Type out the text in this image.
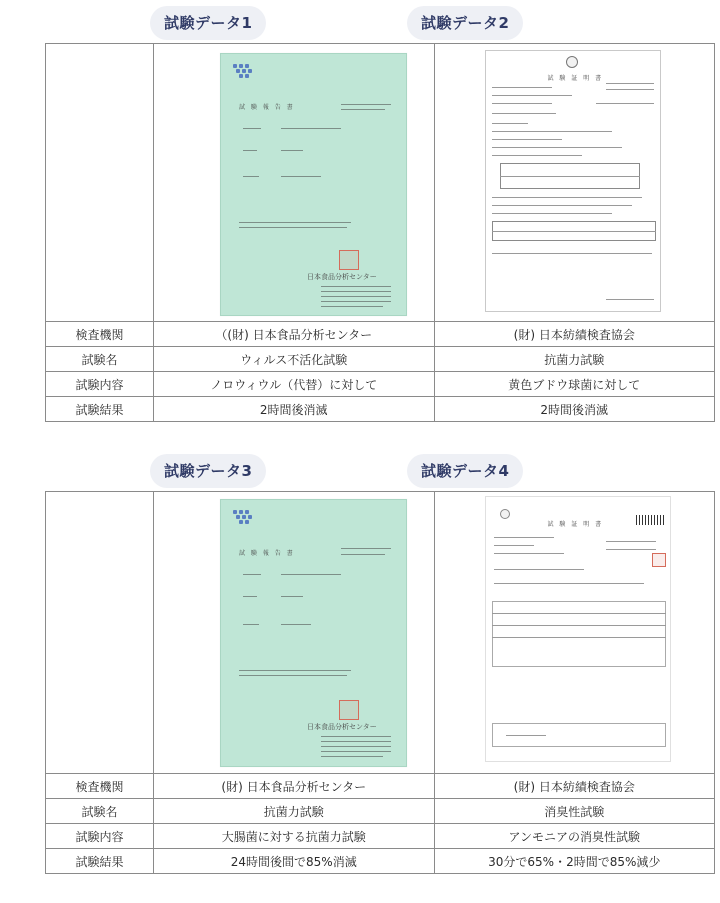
試験データ1	試験データ2

	試 験 報 告 書
日本食品分析センター	試 験 証 明 書

検査機関	（(財) 日本食品分析センター	(財) 日本紡績検査協会
試験名	ウィルス不活化試験	抗菌力試験
試験内容	ノロウィウル（代替）に対して	黄色ブドウ球菌に対して
試験結果	2時間後消滅	2時間後消滅
試験データ3	試験データ4

	試 験 報 告 書
日本食品分析センター	試 験 証 明 書

検査機関	(財) 日本食品分析センター	(財) 日本紡績検査協会
試験名	抗菌力試験	消臭性試験
試験内容	大腸菌に対する抗菌力試験	アンモニアの消臭性試験
試験結果	24時間後間で85%消滅	30分で65%・2時間で85%減少
